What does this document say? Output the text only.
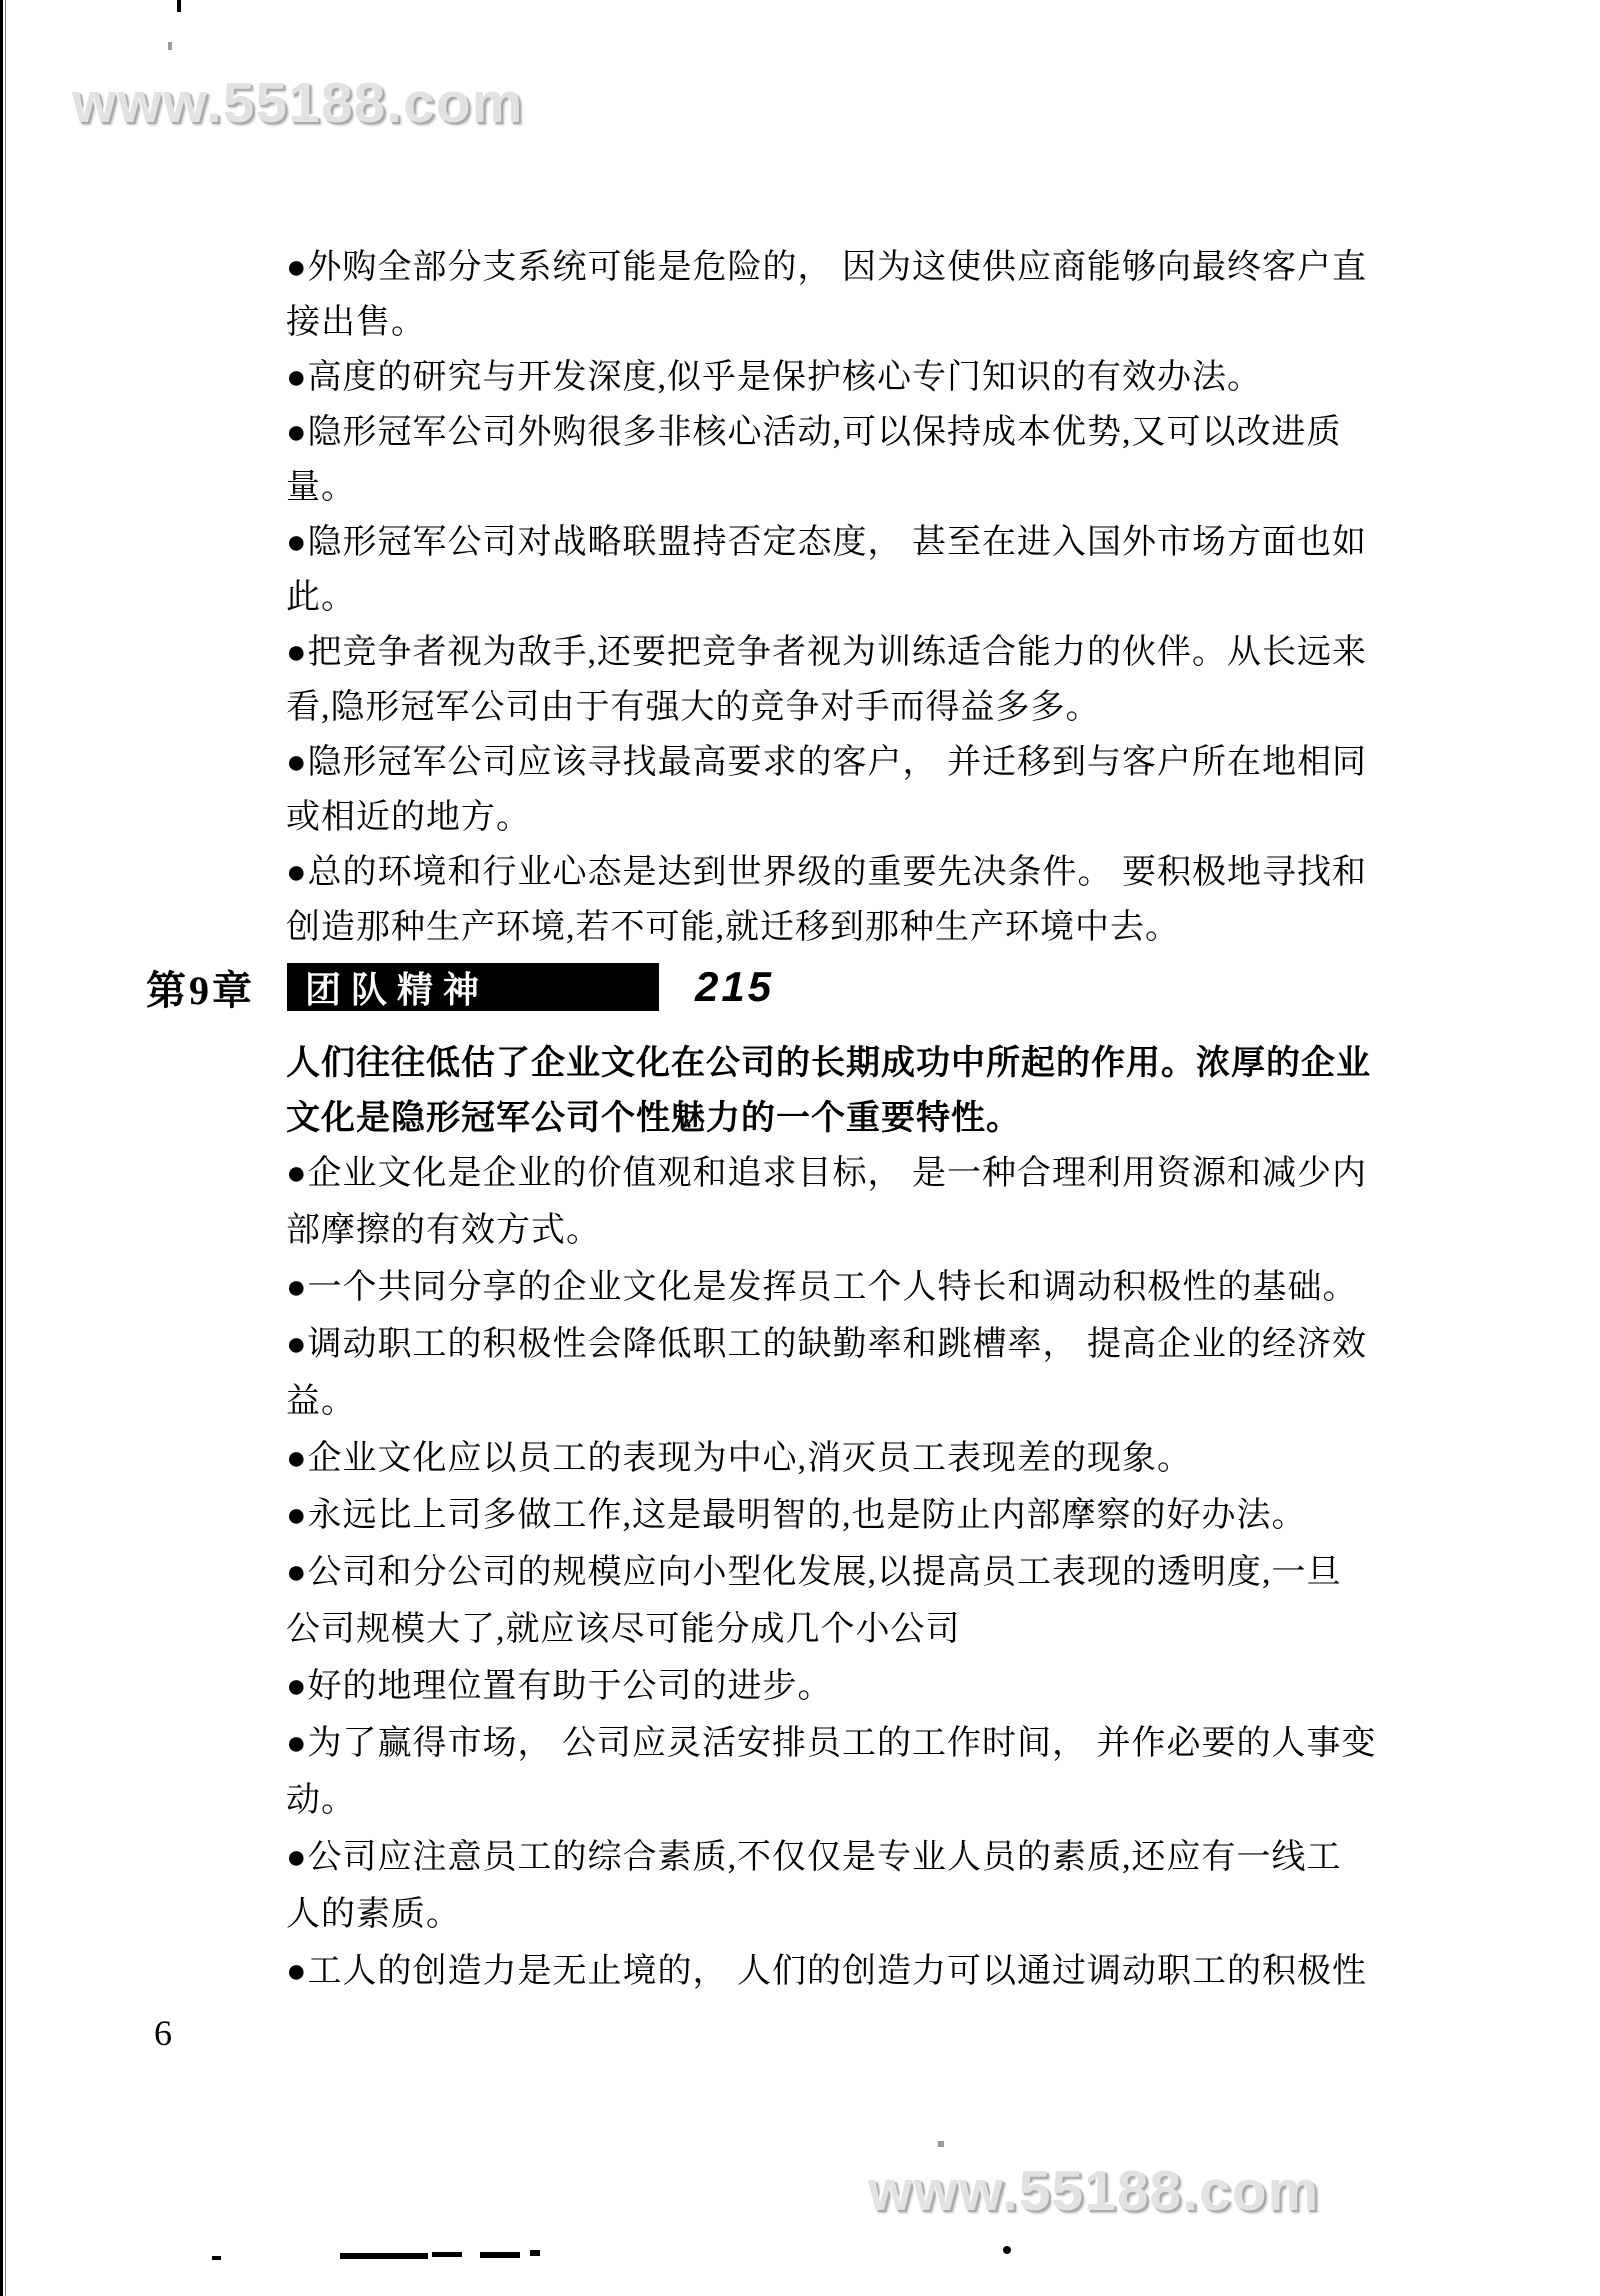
www.55188.com
www.55188.com
●外购全部分支系统可能是危险的， 因为这使供应商能够向最终客户直
接出售。
●高度的研究与开发深度,似乎是保护核心专门知识的有效办法。
●隐形冠军公司外购很多非核心活动,可以保持成本优势,又可以改进质
量。
●隐形冠军公司对战略联盟持否定态度， 甚至在进入国外市场方面也如
此。
●把竞争者视为敌手,还要把竞争者视为训练适合能力的伙伴。从长远来
看,隐形冠军公司由于有强大的竞争对手而得益多多。
●隐形冠军公司应该寻找最高要求的客户， 并迁移到与客户所在地相同
或相近的地方。
●总的环境和行业心态是达到世界级的重要先决条件。 要积极地寻找和
创造那种生产环境,若不可能,就迁移到那种生产环境中去。
第9章	团队精神	215
人们往往低估了企业文化在公司的长期成功中所起的作用。浓厚的企业
文化是隐形冠军公司个性魅力的一个重要特性。
●企业文化是企业的价值观和追求目标， 是一种合理利用资源和减少内
部摩擦的有效方式。
●一个共同分享的企业文化是发挥员工个人特长和调动积极性的基础。
●调动职工的积极性会降低职工的缺勤率和跳槽率， 提高企业的经济效
益。
●企业文化应以员工的表现为中心,消灭员工表现差的现象。
●永远比上司多做工作,这是最明智的,也是防止内部摩察的好办法。
●公司和分公司的规模应向小型化发展,以提高员工表现的透明度,一旦
公司规模大了,就应该尽可能分成几个小公司
●好的地理位置有助于公司的进步。
●为了赢得市场， 公司应灵活安排员工的工作时间， 并作必要的人事变
动。
●公司应注意员工的综合素质,不仅仅是专业人员的素质,还应有一线工
人的素质。
●工人的创造力是无止境的， 人们的创造力可以通过调动职工的积极性
6
